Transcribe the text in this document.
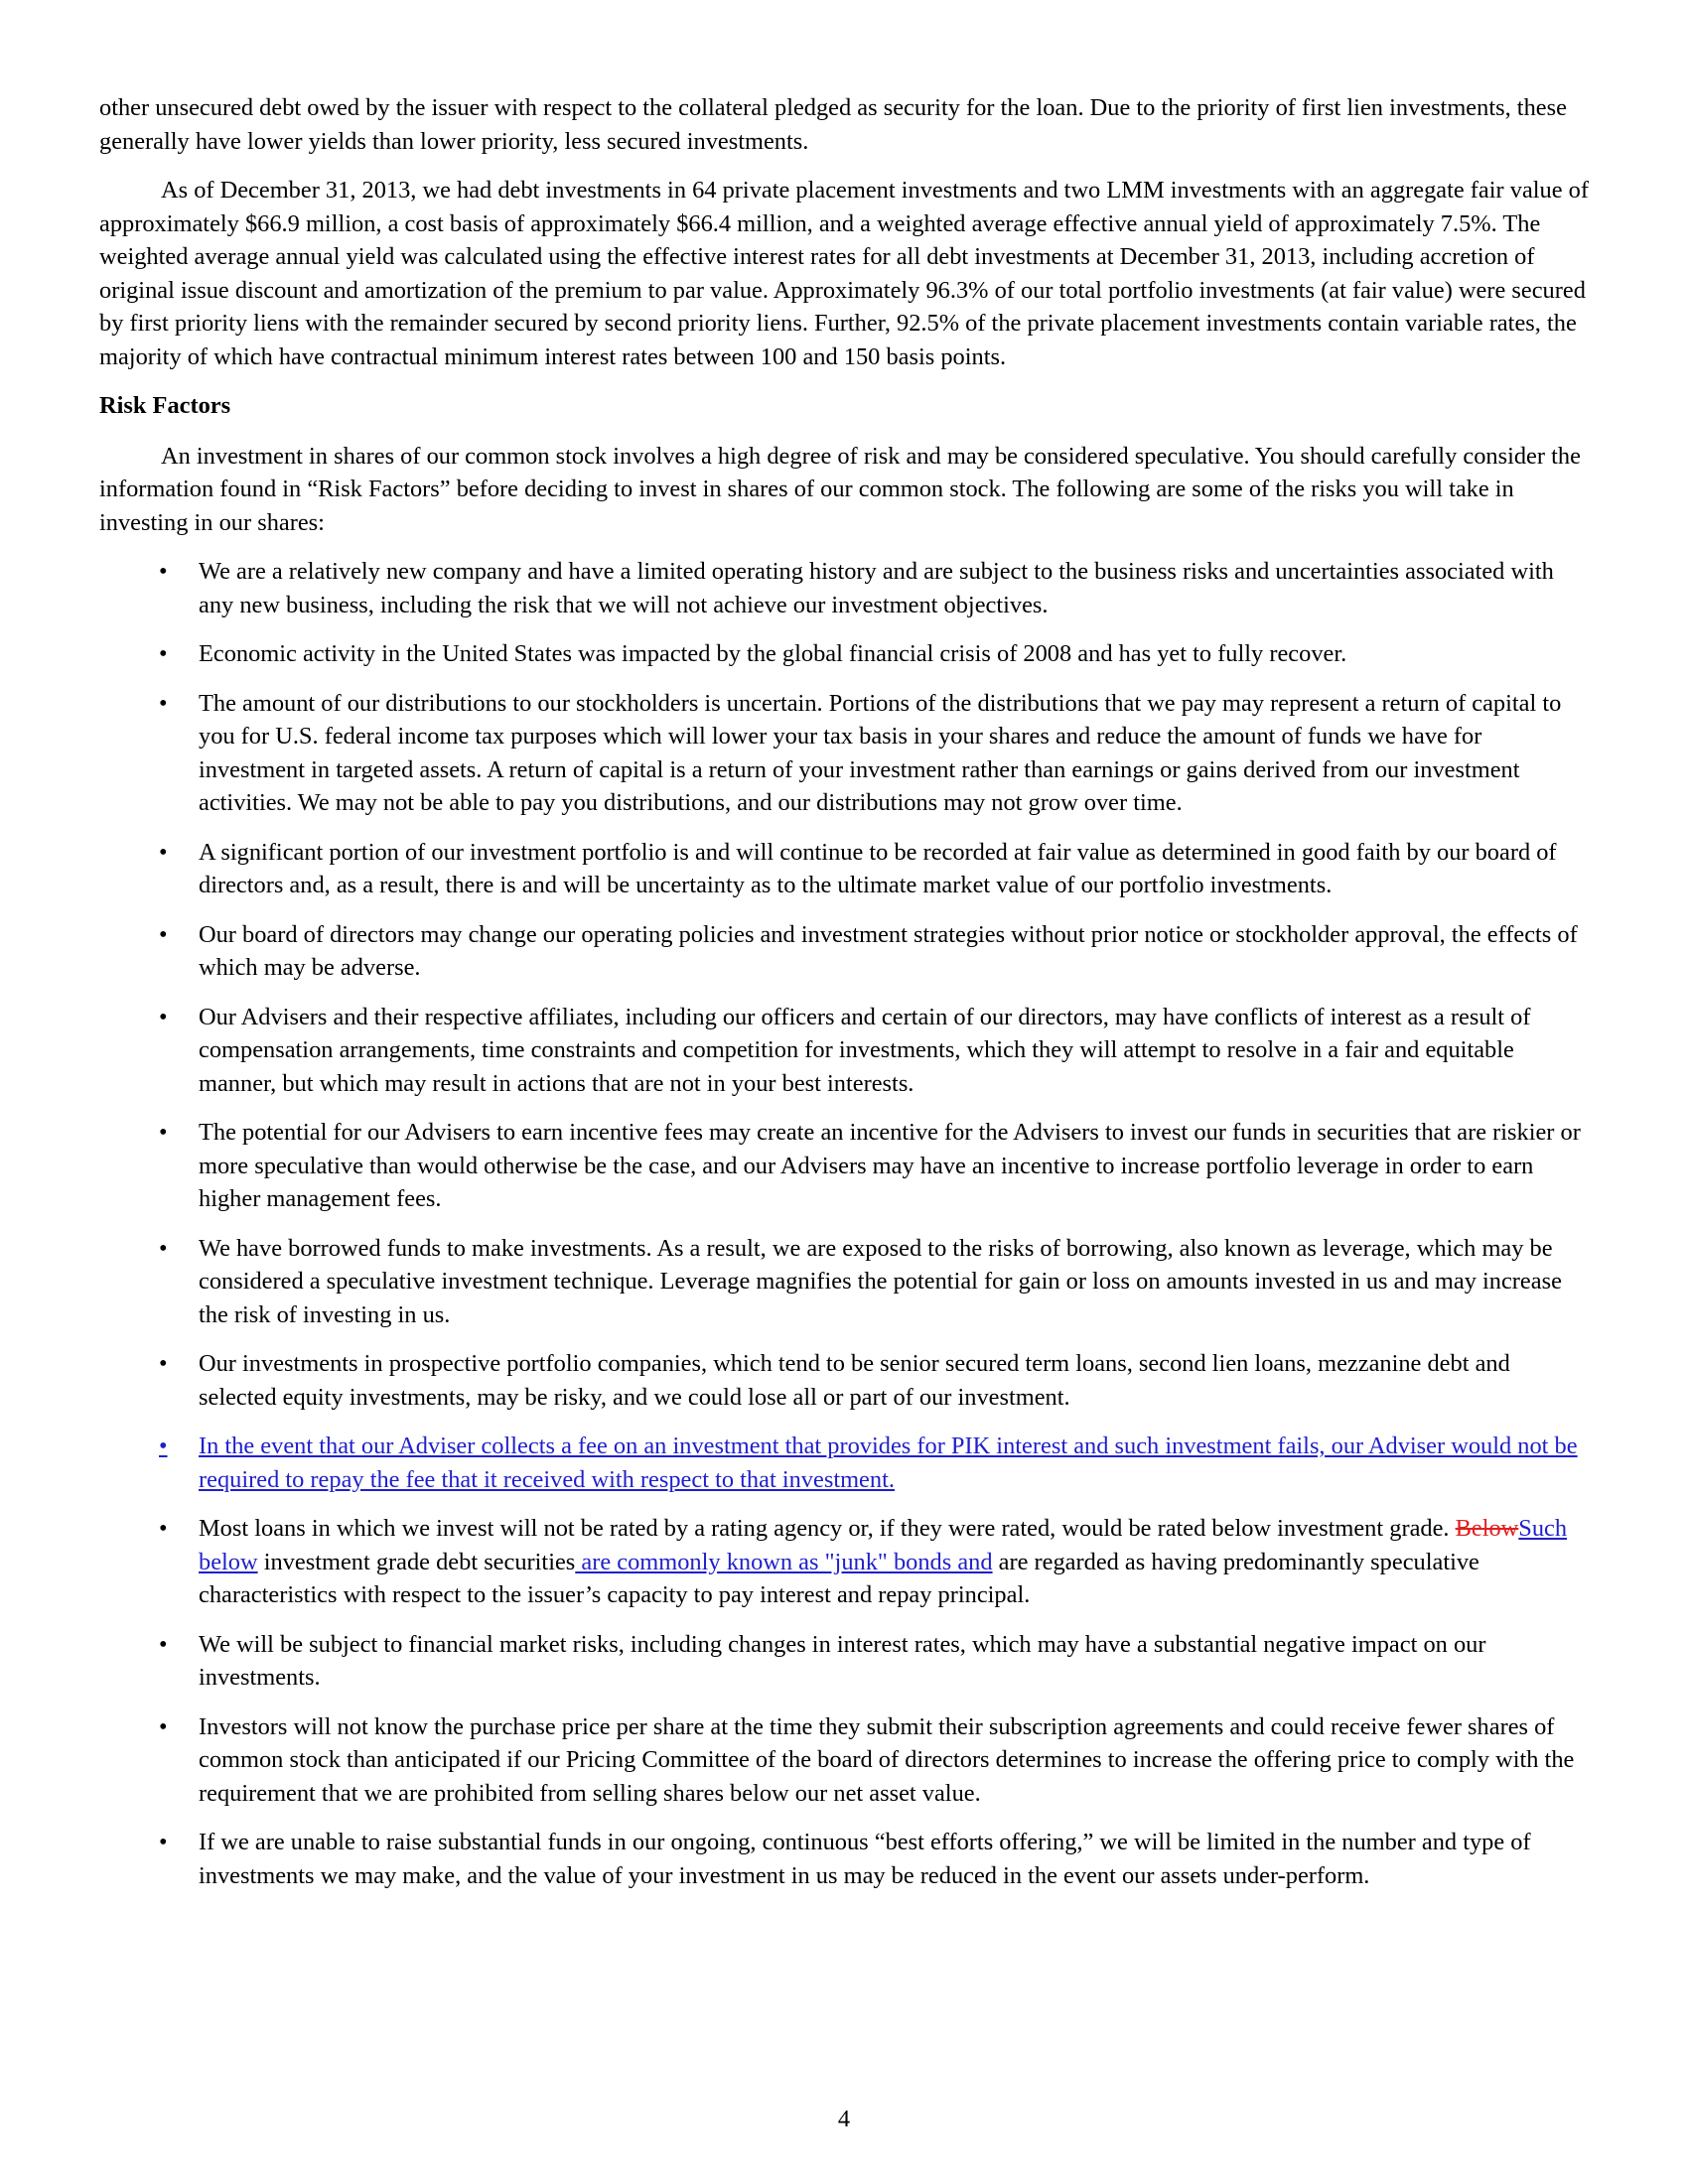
other unsecured debt owed by the issuer with respect to the collateral pledged as security for the loan. Due to the priority of first lien investments, these generally have lower yields than lower priority, less secured investments.

As of December 31, 2013, we had debt investments in 64 private placement investments and two LMM investments with an aggregate fair value of approximately $66.9 million, a cost basis of approximately $66.4 million, and a weighted average effective annual yield of approximately 7.5%. The weighted average annual yield was calculated using the effective interest rates for all debt investments at December 31, 2013, including accretion of original issue discount and amortization of the premium to par value. Approximately 96.3% of our total portfolio investments (at fair value) were secured by first priority liens with the remainder secured by second priority liens. Further, 92.5% of the private placement investments contain variable rates, the majority of which have contractual minimum interest rates between 100 and 150 basis points.

Risk Factors

An investment in shares of our common stock involves a high degree of risk and may be considered speculative. You should carefully consider the information found in “Risk Factors” before deciding to invest in shares of our common stock. The following are some of the risks you will take in investing in our shares:

• We are a relatively new company and have a limited operating history and are subject to the business risks and uncertainties associated with any new business, including the risk that we will not achieve our investment objectives.
• Economic activity in the United States was impacted by the global financial crisis of 2008 and has yet to fully recover.
• The amount of our distributions to our stockholders is uncertain. Portions of the distributions that we pay may represent a return of capital to you for U.S. federal income tax purposes which will lower your tax basis in your shares and reduce the amount of funds we have for investment in targeted assets. A return of capital is a return of your investment rather than earnings or gains derived from our investment activities. We may not be able to pay you distributions, and our distributions may not grow over time.
• A significant portion of our investment portfolio is and will continue to be recorded at fair value as determined in good faith by our board of directors and, as a result, there is and will be uncertainty as to the ultimate market value of our portfolio investments.
• Our board of directors may change our operating policies and investment strategies without prior notice or stockholder approval, the effects of which may be adverse.
• Our Advisers and their respective affiliates, including our officers and certain of our directors, may have conflicts of interest as a result of compensation arrangements, time constraints and competition for investments, which they will attempt to resolve in a fair and equitable manner, but which may result in actions that are not in your best interests.
• The potential for our Advisers to earn incentive fees may create an incentive for the Advisers to invest our funds in securities that are riskier or more speculative than would otherwise be the case, and our Advisers may have an incentive to increase portfolio leverage in order to earn higher management fees.
• We have borrowed funds to make investments. As a result, we are exposed to the risks of borrowing, also known as leverage, which may be considered a speculative investment technique. Leverage magnifies the potential for gain or loss on amounts invested in us and may increase the risk of investing in us.
• Our investments in prospective portfolio companies, which tend to be senior secured term loans, second lien loans, mezzanine debt and selected equity investments, may be risky, and we could lose all or part of our investment.
• In the event that our Adviser collects a fee on an investment that provides for PIK interest and such investment fails, our Adviser would not be required to repay the fee that it received with respect to that investment.
• Most loans in which we invest will not be rated by a rating agency or, if they were rated, would be rated below investment grade. BelowSuch below investment grade debt securities are commonly known as "junk" bonds and are regarded as having predominantly speculative characteristics with respect to the issuer’s capacity to pay interest and repay principal.
• We will be subject to financial market risks, including changes in interest rates, which may have a substantial negative impact on our investments.
• Investors will not know the purchase price per share at the time they submit their subscription agreements and could receive fewer shares of common stock than anticipated if our Pricing Committee of the board of directors determines to increase the offering price to comply with the requirement that we are prohibited from selling shares below our net asset value.
• If we are unable to raise substantial funds in our ongoing, continuous “best efforts offering,” we will be limited in the number and type of investments we may make, and the value of your investment in us may be reduced in the event our assets under-perform.
4
